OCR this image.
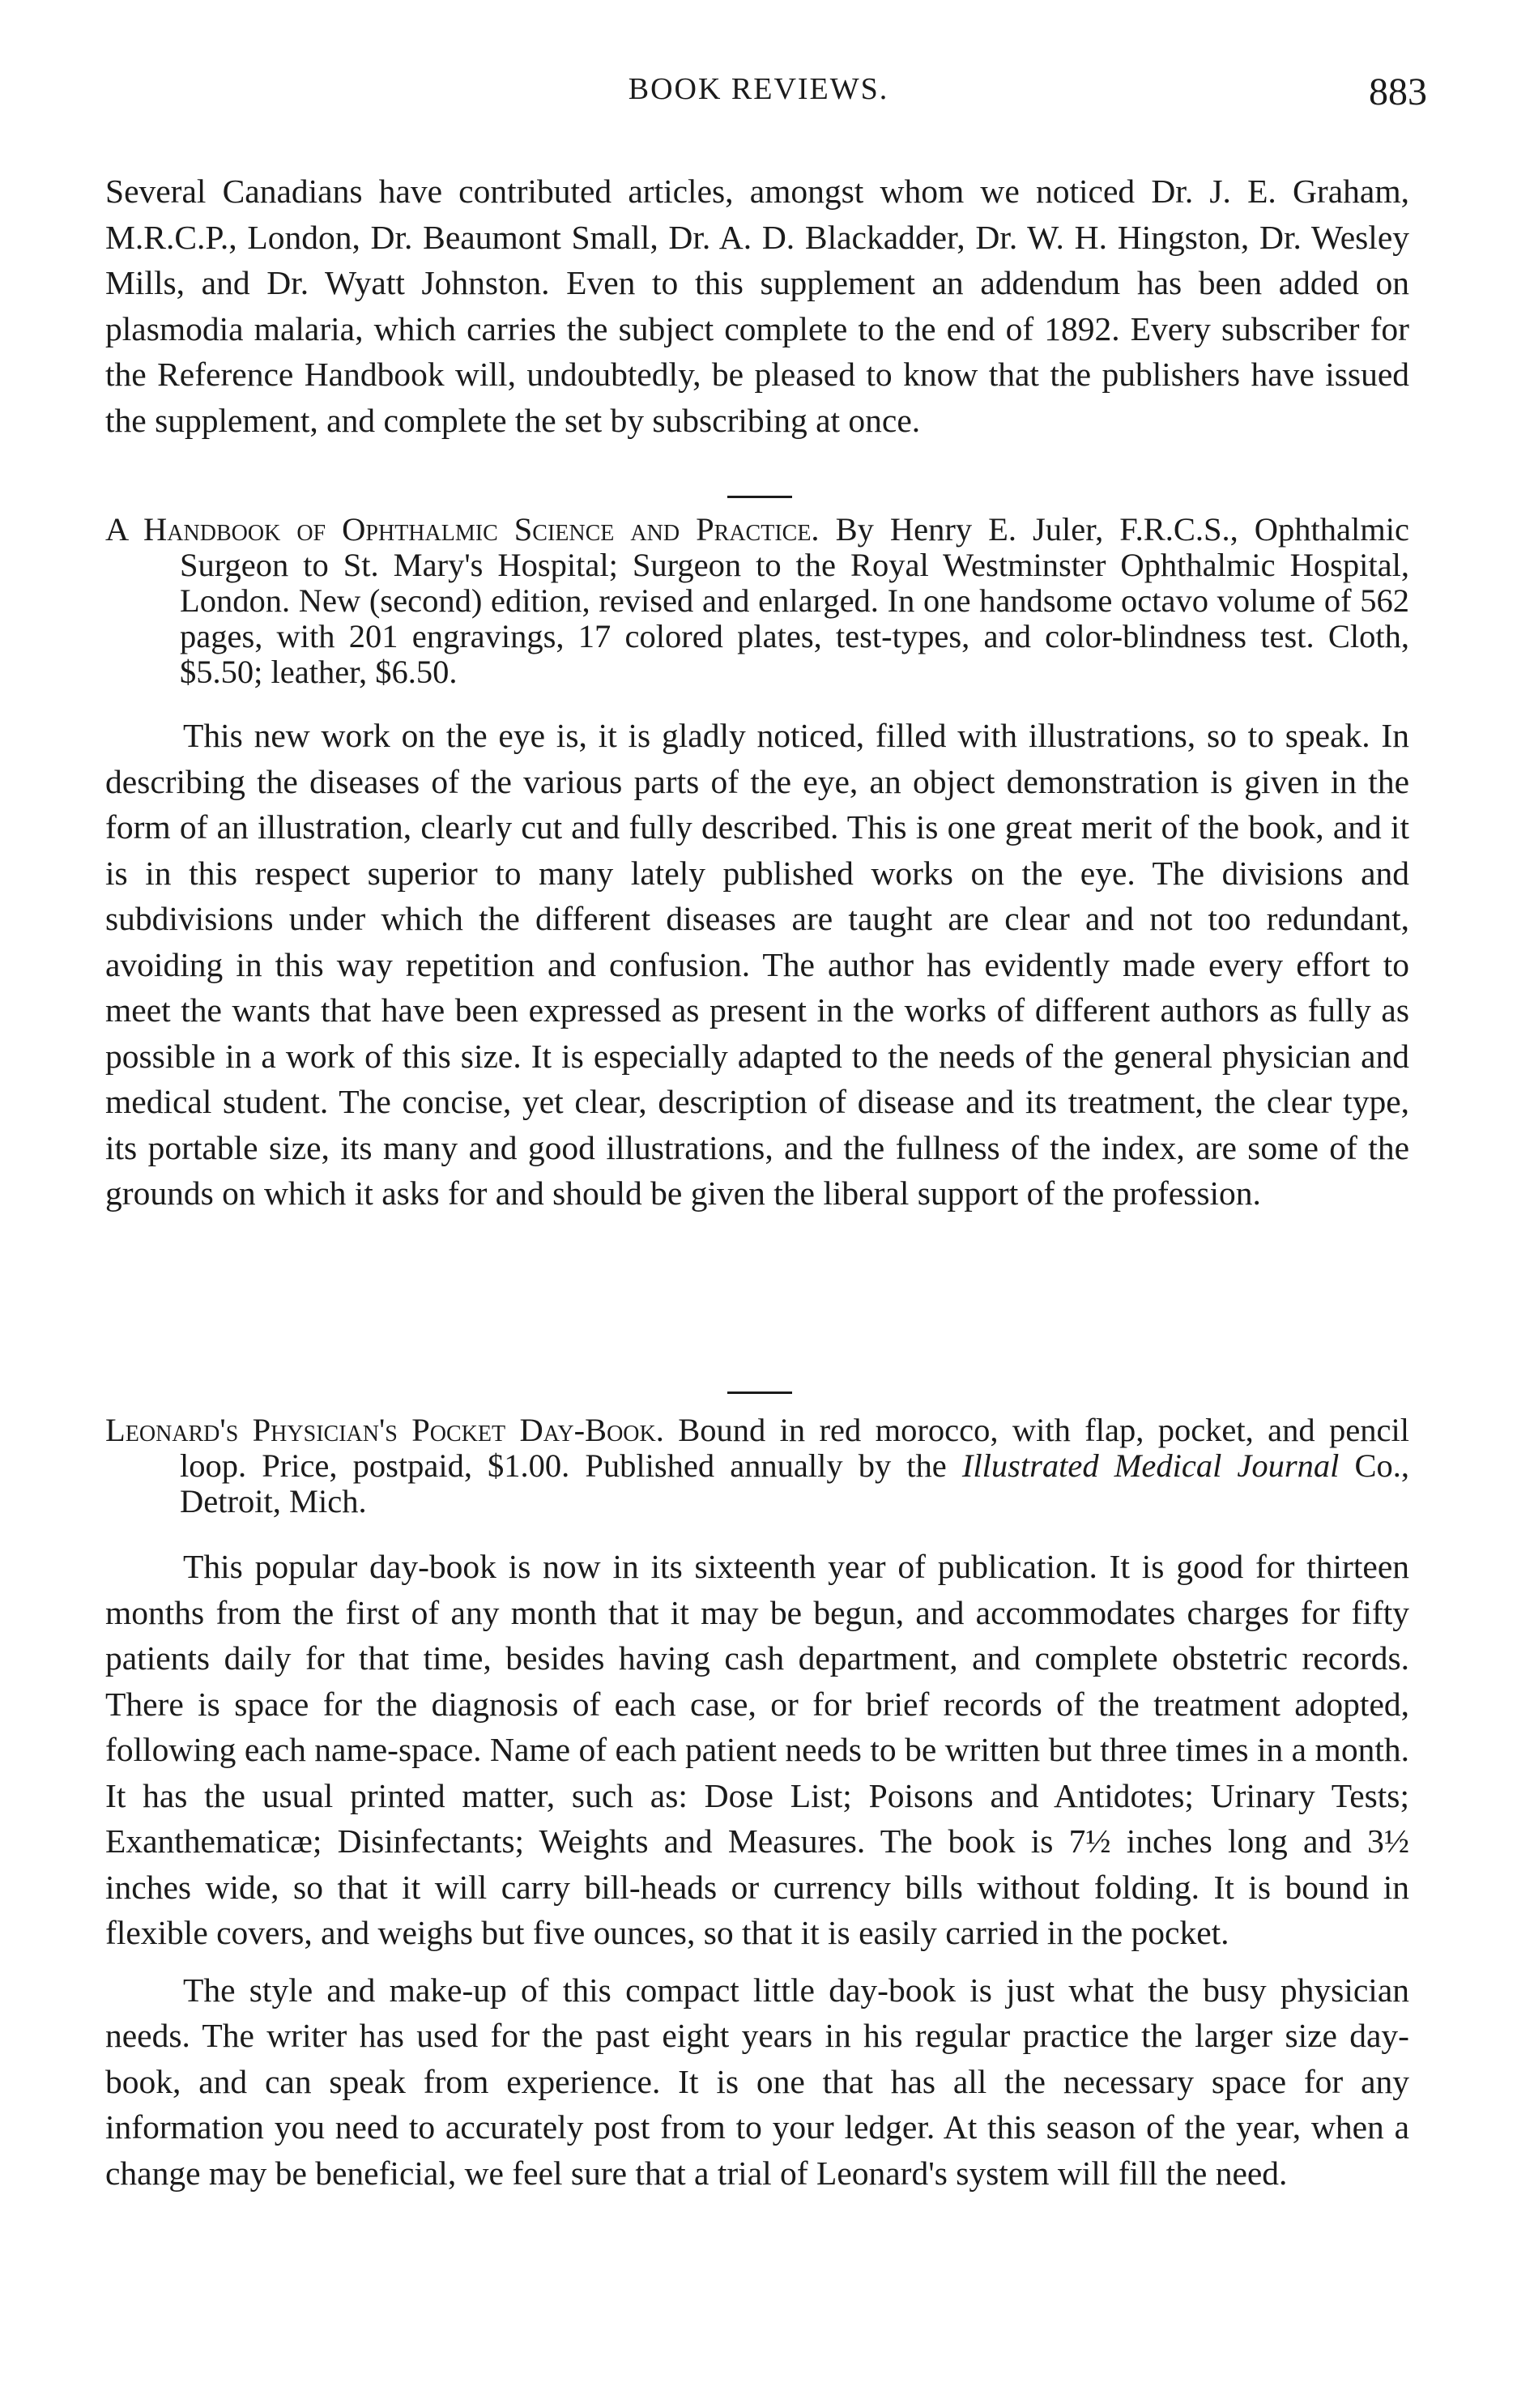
BOOK REVIEWS.	883

Several Canadians have contributed articles, amongst whom we noticed Dr. J. E. Graham, M.R.C.P., London, Dr. Beaumont Small, Dr. A. D. Blackadder, Dr. W. H. Hingston, Dr. Wesley Mills, and Dr. Wyatt Johnston. Even to this supplement an addendum has been added on plasmodia malaria, which carries the subject complete to the end of 1892. Every subscriber for the Reference Handbook will, undoubtedly, be pleased to know that the publishers have issued the supplement, and complete the set by subscribing at once.

A Handbook of Ophthalmic Science and Practice. By Henry E. Juler, F.R.C.S., Ophthalmic Surgeon to St. Mary's Hospital; Surgeon to the Royal Westminster Ophthalmic Hospital, London. New (second) edition, revised and enlarged. In one handsome octavo volume of 562 pages, with 201 engravings, 17 colored plates, test-types, and color-blindness test. Cloth, $5.50; leather, $6.50.

This new work on the eye is, it is gladly noticed, filled with illustrations, so to speak. In describing the diseases of the various parts of the eye, an object demonstration is given in the form of an illustration, clearly cut and fully described. This is one great merit of the book, and it is in this respect superior to many lately published works on the eye. The divisions and subdivisions under which the different diseases are taught are clear and not too redundant, avoiding in this way repetition and confusion. The author has evidently made every effort to meet the wants that have been expressed as present in the works of different authors as fully as possible in a work of this size. It is especially adapted to the needs of the general physician and medical student. The concise, yet clear, description of disease and its treatment, the clear type, its portable size, its many and good illustrations, and the fullness of the index, are some of the grounds on which it asks for and should be given the liberal support of the profession.

Leonard's Physician's Pocket Day-Book. Bound in red morocco, with flap, pocket, and pencil loop. Price, postpaid, $1.00. Published annually by the Illustrated Medical Journal Co., Detroit, Mich.

This popular day-book is now in its sixteenth year of publication. It is good for thirteen months from the first of any month that it may be begun, and accommodates charges for fifty patients daily for that time, besides having cash department, and complete obstetric records. There is space for the diagnosis of each case, or for brief records of the treatment adopted, following each name-space. Name of each patient needs to be written but three times in a month. It has the usual printed matter, such as: Dose List; Poisons and Antidotes; Urinary Tests; Exanthematicæ; Disinfectants; Weights and Measures. The book is 7½ inches long and 3½ inches wide, so that it will carry bill-heads or currency bills without folding. It is bound in flexible covers, and weighs but five ounces, so that it is easily carried in the pocket.

The style and make-up of this compact little day-book is just what the busy physician needs. The writer has used for the past eight years in his regular practice the larger size day-book, and can speak from experience. It is one that has all the necessary space for any information you need to accurately post from to your ledger. At this season of the year, when a change may be beneficial, we feel sure that a trial of Leonard's system will fill the need.
